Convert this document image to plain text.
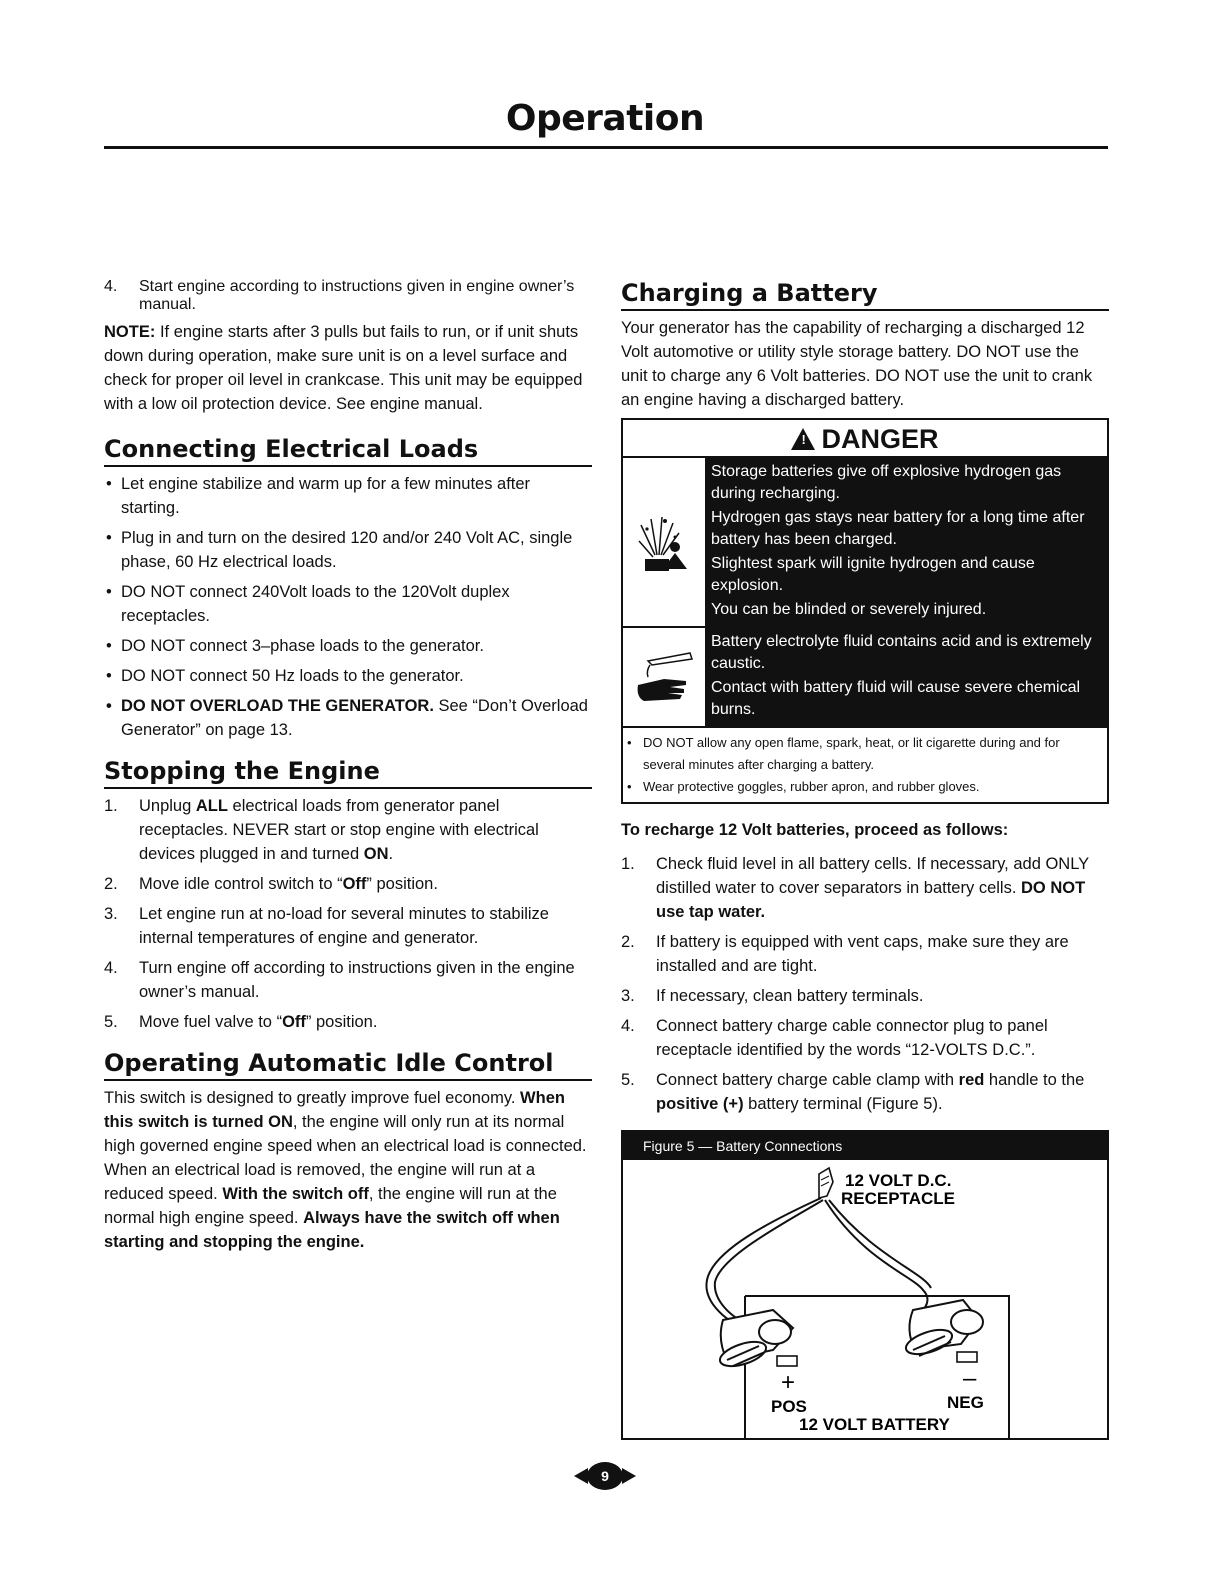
Operation
4.	Start engine according to instructions given in engine owner’s manual.

NOTE: If engine starts after 3 pulls but fails to run, or if unit shuts down during operation, make sure unit is on a level surface and check for proper oil level in crankcase. This unit may be equipped with a low oil protection device. See engine manual.

Connecting Electrical Loads
• Let engine stabilize and warm up for a few minutes after starting.
• Plug in and turn on the desired 120 and/or 240 Volt AC, single phase, 60 Hz electrical loads.
• DO NOT connect 240Volt loads to the 120Volt duplex receptacles.
• DO NOT connect 3–phase loads to the generator.
• DO NOT connect 50 Hz loads to the generator.
• DO NOT OVERLOAD THE GENERATOR. See “Don’t Overload Generator” on page 13.
Stopping the Engine
1.	Unplug ALL electrical loads from generator panel receptacles. NEVER start or stop engine with electrical devices plugged in and turned ON.
2.	Move idle control switch to “Off” position.
3.	Let engine run at no-load for several minutes to stabilize internal temperatures of engine and generator.
4.	Turn engine off according to instructions given in the engine owner’s manual.
5.	Move fuel valve to “Off” position.
Operating Automatic Idle Control

This switch is designed to greatly improve fuel economy. When this switch is turned ON, the engine will only run at its normal high governed engine speed when an electrical load is connected. When an electrical load is removed, the engine will run at a reduced speed. With the switch off, the engine will run at the normal high engine speed. Always have the switch off when starting and stopping the engine.

Charging a Battery

Your generator has the capability of recharging a discharged 12 Volt automotive or utility style storage battery. DO NOT use the unit to charge any 6 Volt batteries. DO NOT use the unit to crank an engine having a discharged battery.

!DANGER

Storage batteries give off explosive hydrogen gas during recharging.

Hydrogen gas stays near battery for a long time after battery has been charged.

Slightest spark will ignite hydrogen and cause explosion.

You can be blinded or severely injured.

Battery electrolyte fluid contains acid and is extremely caustic.

Contact with battery fluid will cause severe chemical burns.

• DO NOT allow any open flame, spark, heat, or lit cigarette during and for several minutes after charging a battery.
• Wear protective goggles, rubber apron, and rubber gloves.

To recharge 12 Volt batteries, proceed as follows:

1.	Check fluid level in all battery cells. If necessary, add ONLY distilled water to cover separators in battery cells. DO NOT use tap water.
2.	If battery is equipped with vent caps, make sure they are installed and are tight.
3.	If necessary, clean battery terminals.
4.	Connect battery charge cable connector plug to panel receptacle identified by the words “12-VOLTS D.C.”.
5.	Connect battery charge cable clamp with red handle to the positive (+) battery terminal (Figure 5).
Figure 5 — Battery Connections
12 VOLT D.C.
RECEPTACLE
+	–
POS	NEG
12 VOLT BATTERY
9
